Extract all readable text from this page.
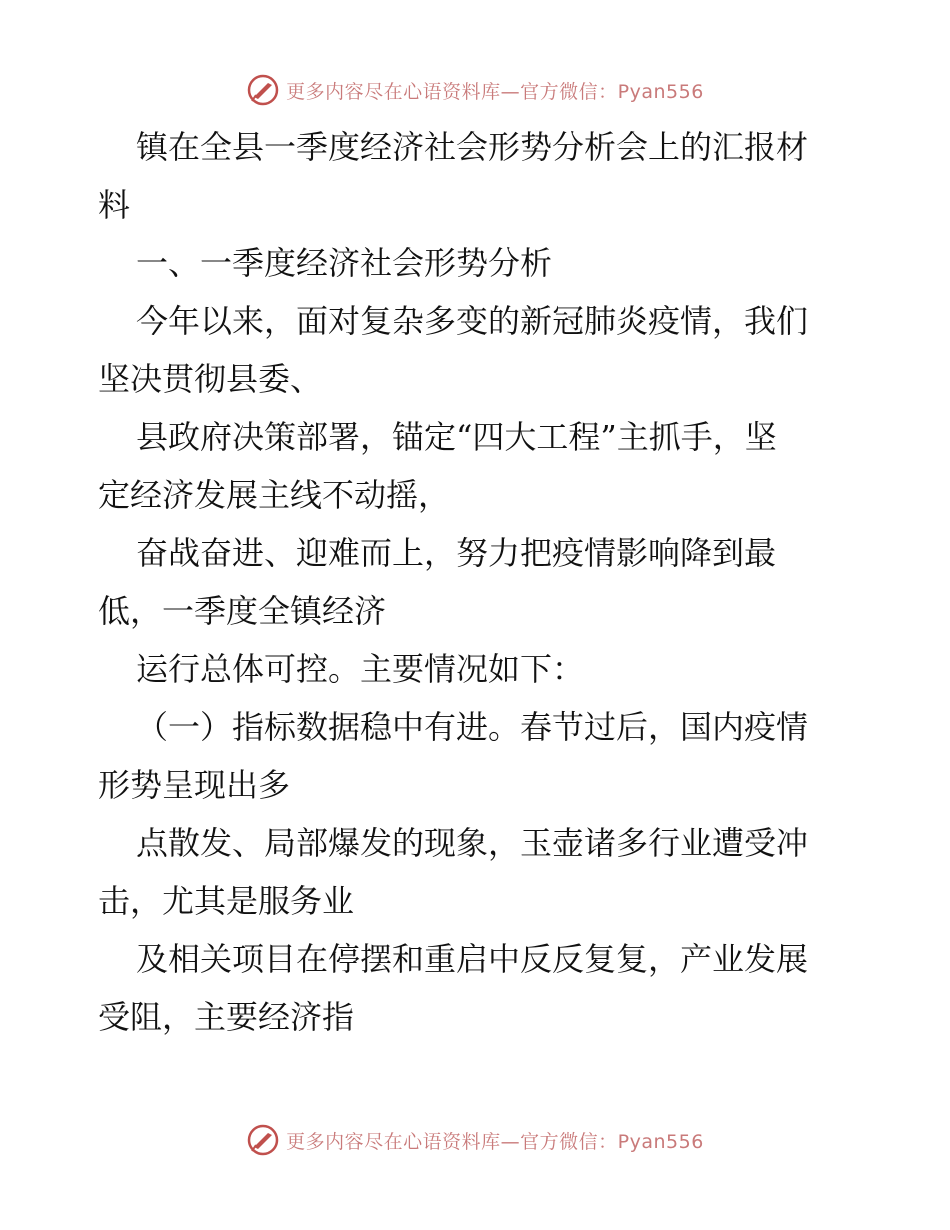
更多内容尽在心语资料库—官方微信：Pyan556
镇在全县一季度经济社会形势分析会上的汇报材
料
一、一季度经济社会形势分析
今年以来，面对复杂多变的新冠肺炎疫情，我们
坚决贯彻县委、
县政府决策部署，锚定“四大工程”主抓手，坚
定经济发展主线不动摇，
奋战奋进、迎难而上，努力把疫情影响降到最
低，一季度全镇经济
运行总体可控。主要情况如下：
（一）指标数据稳中有进。春节过后，国内疫情
形势呈现出多
点散发、局部爆发的现象，玉壶诸多行业遭受冲
击，尤其是服务业
及相关项目在停摆和重启中反反复复，产业发展
受阻，主要经济指
更多内容尽在心语资料库—官方微信：Pyan556
